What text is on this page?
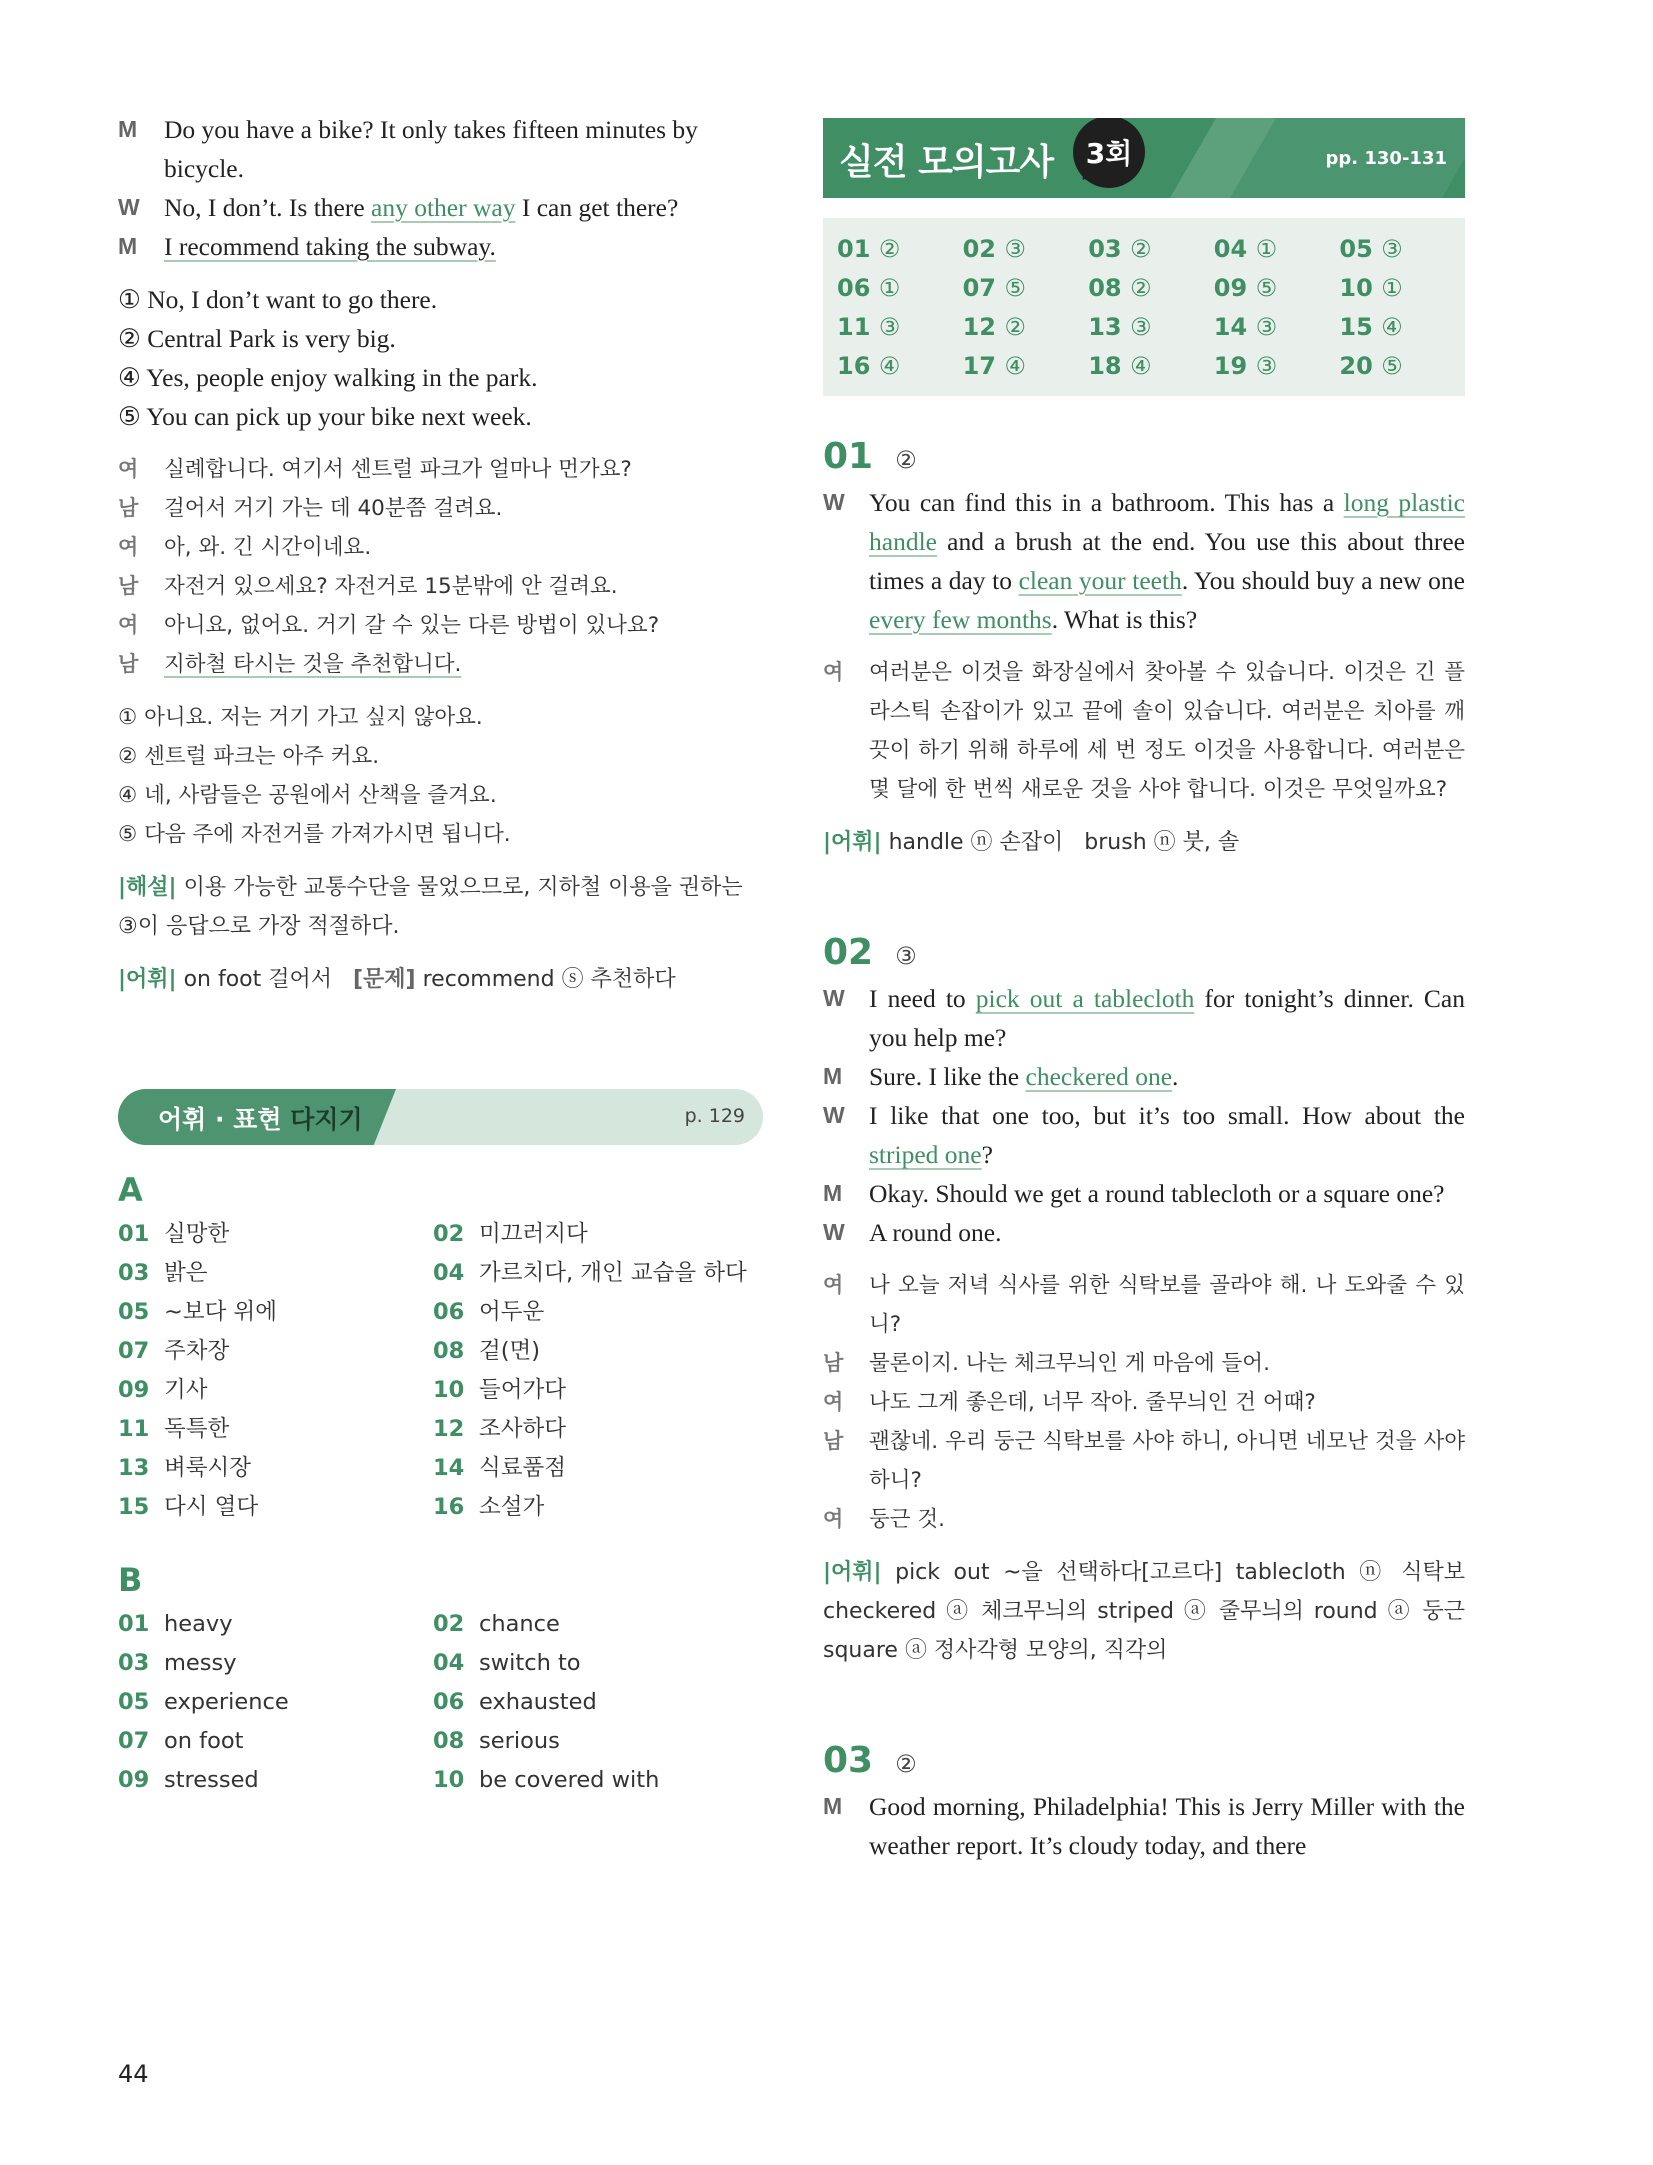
M	Do you have a bike? It only takes fifteen minutes by bicycle.
W No, I don’t. Is there any other way I can get there?
M	I recommend taking the subway.
① No, I don’t want to go there.
② Central Park is very big.
④ Yes, people enjoy walking in the park.
⑤ You can pick up your bike next week.
여	실례합니다. 여기서 센트럴 파크가 얼마나 먼가요?
남	걸어서 거기 가는 데 40분쯤 걸려요.
여	아, 와. 긴 시간이네요.
남	자전거 있으세요? 자전거로 15분밖에 안 걸려요.
여	아니요, 없어요. 거기 갈 수 있는 다른 방법이 있나요?
남	지하철 타시는 것을 추천합니다.
① 아니요. 저는 거기 가고 싶지 않아요.
② 센트럴 파크는 아주 커요.
④ 네, 사람들은 공원에서 산책을 즐겨요.
⑤ 다음 주에 자전거를 가져가시면 됩니다.
|해설| 이용 가능한 교통수단을 물었으므로, 지하철 이용을 권하는 ③이 응답으로 가장 적절하다.
|어휘| on foot 걸어서 [문제] recommend ⓢ 추천하다
어휘 · 표현 다지기	p. 129
A
01 실망한	02 미끄러지다
03 밝은	04 가르치다, 개인 교습을 하다
05 ~보다 위에	06 어두운
07 주차장	08 겉(면)
09 기사	10 들어가다
11 독특한	12 조사하다
13 벼룩시장	14 식료품점
15 다시 열다	16 소설가
B
01 heavy	02 chance
03 messy	04 switch to
05 experience	06 exhausted
07 on foot	08 serious
09 stressed	10 be covered with
실전 모의고사	3회	pp. 130-131
01 ②	02 ③	03 ②	04 ①	05 ③
06 ①	07 ⑤	08 ②	09 ⑤	10 ①
11 ③	12 ②	13 ③	14 ③	15 ④
16 ④	17 ④	18 ④	19 ③	20 ⑤
01 ②
W You can find this in a bathroom. This has a long plastic handle and a brush at the end. You use this about three times a day to clean your teeth. You should buy a new one every few months. What is this?
여	여러분은 이것을 화장실에서 찾아볼 수 있습니다. 이것은 긴 플라스틱 손잡이가 있고 끝에 솔이 있습니다. 여러분은 치아를 깨끗이 하기 위해 하루에 세 번 정도 이것을 사용합니다. 여러분은 몇 달에 한 번씩 새로운 것을 사야 합니다. 이것은 무엇일까요?
|어휘| handle ⓝ 손잡이   brush ⓝ 붓, 솔
02 ③
W I need to pick out a tablecloth for tonight’s dinner. Can you help me?
M	Sure. I like the checkered one.
W I like that one too, but it’s too small. How about the striped one?
M	Okay. Should we get a round tablecloth or a square one?
W A round one.
여	나 오늘 저녁 식사를 위한 식탁보를 골라야 해. 나 도와줄 수 있니?
남	물론이지. 나는 체크무늬인 게 마음에 들어.
여	나도 그게 좋은데, 너무 작아. 줄무늬인 건 어때?
남	괜찮네. 우리 둥근 식탁보를 사야 하니, 아니면 네모난 것을 사야 하니?
여	둥근 것.
|어휘| pick out ~을 선택하다[고르다] tablecloth ⓝ 식탁보 checkered ⓐ 체크무늬의 striped ⓐ 줄무늬의 round ⓐ 둥근 square ⓐ 정사각형 모양의, 직각의
03 ②
M	Good morning, Philadelphia! This is Jerry Miller with the weather report. It’s cloudy today, and there
44
